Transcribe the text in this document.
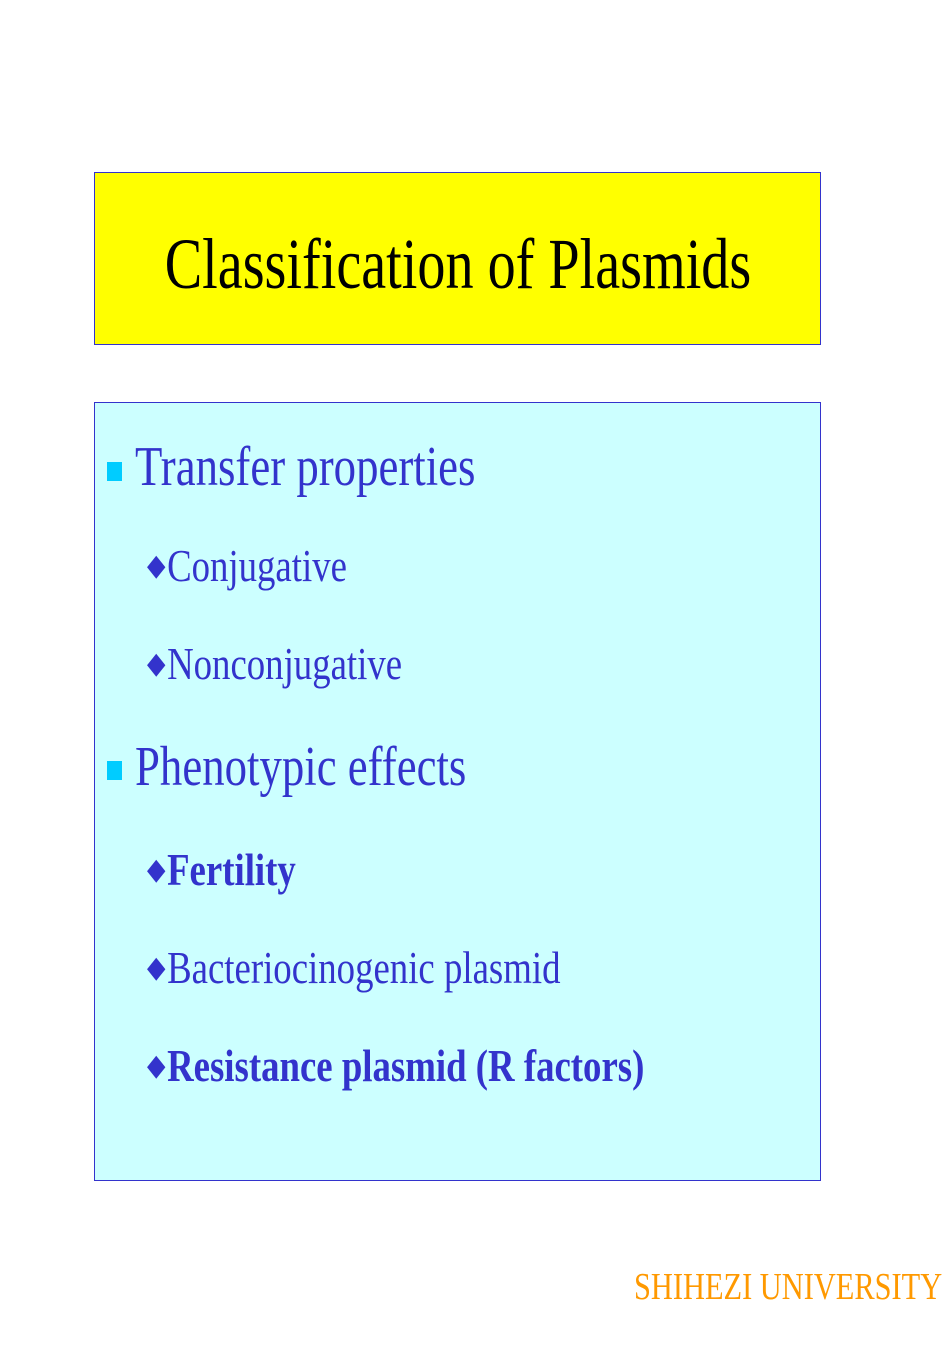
Classification of Plasmids
Transfer properties
◆Conjugative
◆Nonconjugative
Phenotypic effects
◆Fertility
◆Bacteriocinogenic plasmid
◆Resistance plasmid (R factors)
SHIHEZI UNIVERSITY
